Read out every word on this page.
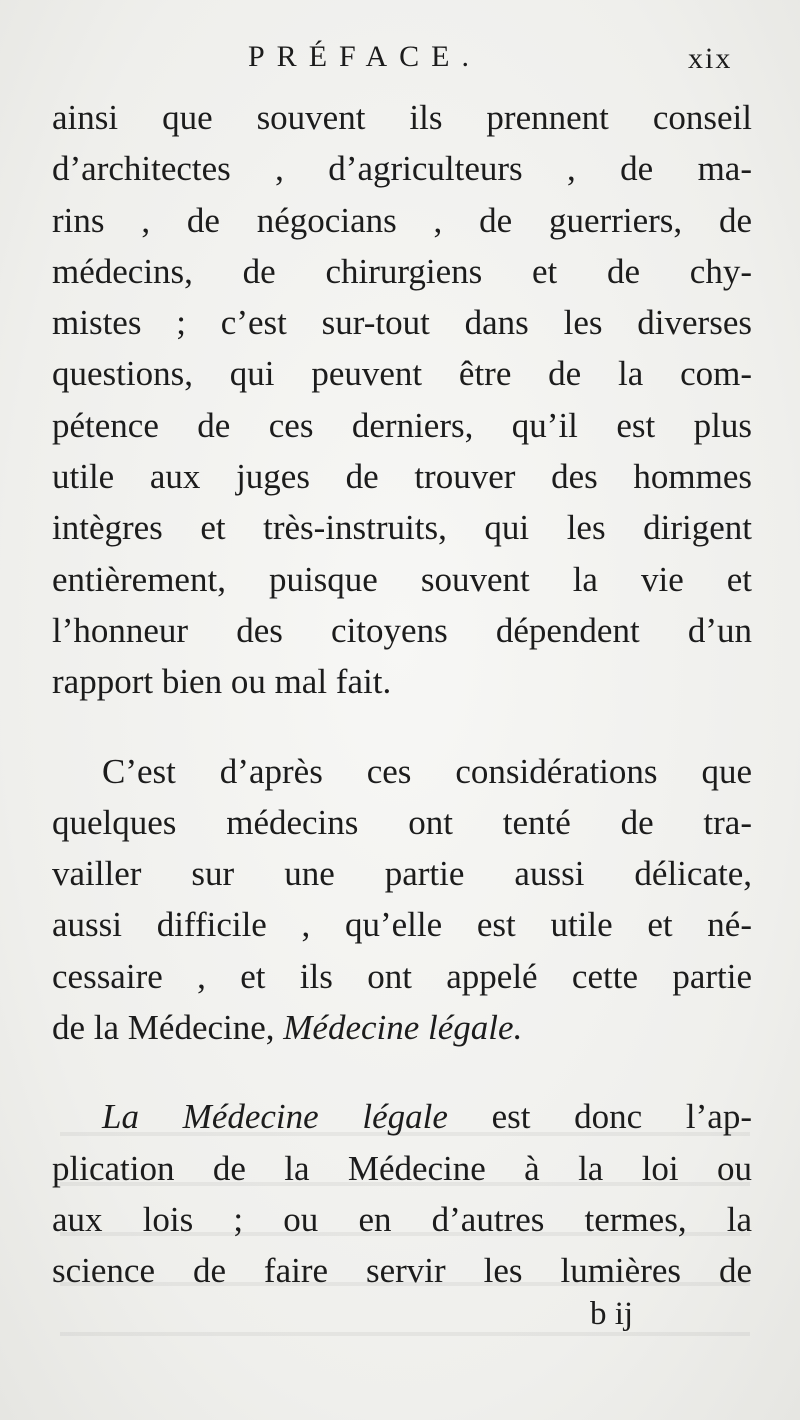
PRÉFACE.	xix
ainsi que souvent ils prennent conseil
d’architectes , d’agriculteurs , de ma-
rins , de négocians , de guerriers, de
médecins, de chirurgiens et de chy-
mistes ; c’est sur-tout dans les diverses
questions, qui peuvent être de la com-
pétence de ces derniers, qu’il est plus
utile aux juges de trouver des hommes
intègres et très-instruits, qui les dirigent
entièrement, puisque souvent la vie et
l’honneur des citoyens dépendent d’un
rapport bien ou mal fait.
C’est d’après ces considérations que
quelques médecins ont tenté de tra-
vailler sur une partie aussi délicate,
aussi difficile , qu’elle est utile et né-
cessaire , et ils ont appelé cette partie
de la Médecine, Médecine légale.
La Médecine légale est donc l’ap-
plication de la Médecine à la loi ou
aux lois ; ou en d’autres termes, la
science de faire servir les lumières de
b ij
